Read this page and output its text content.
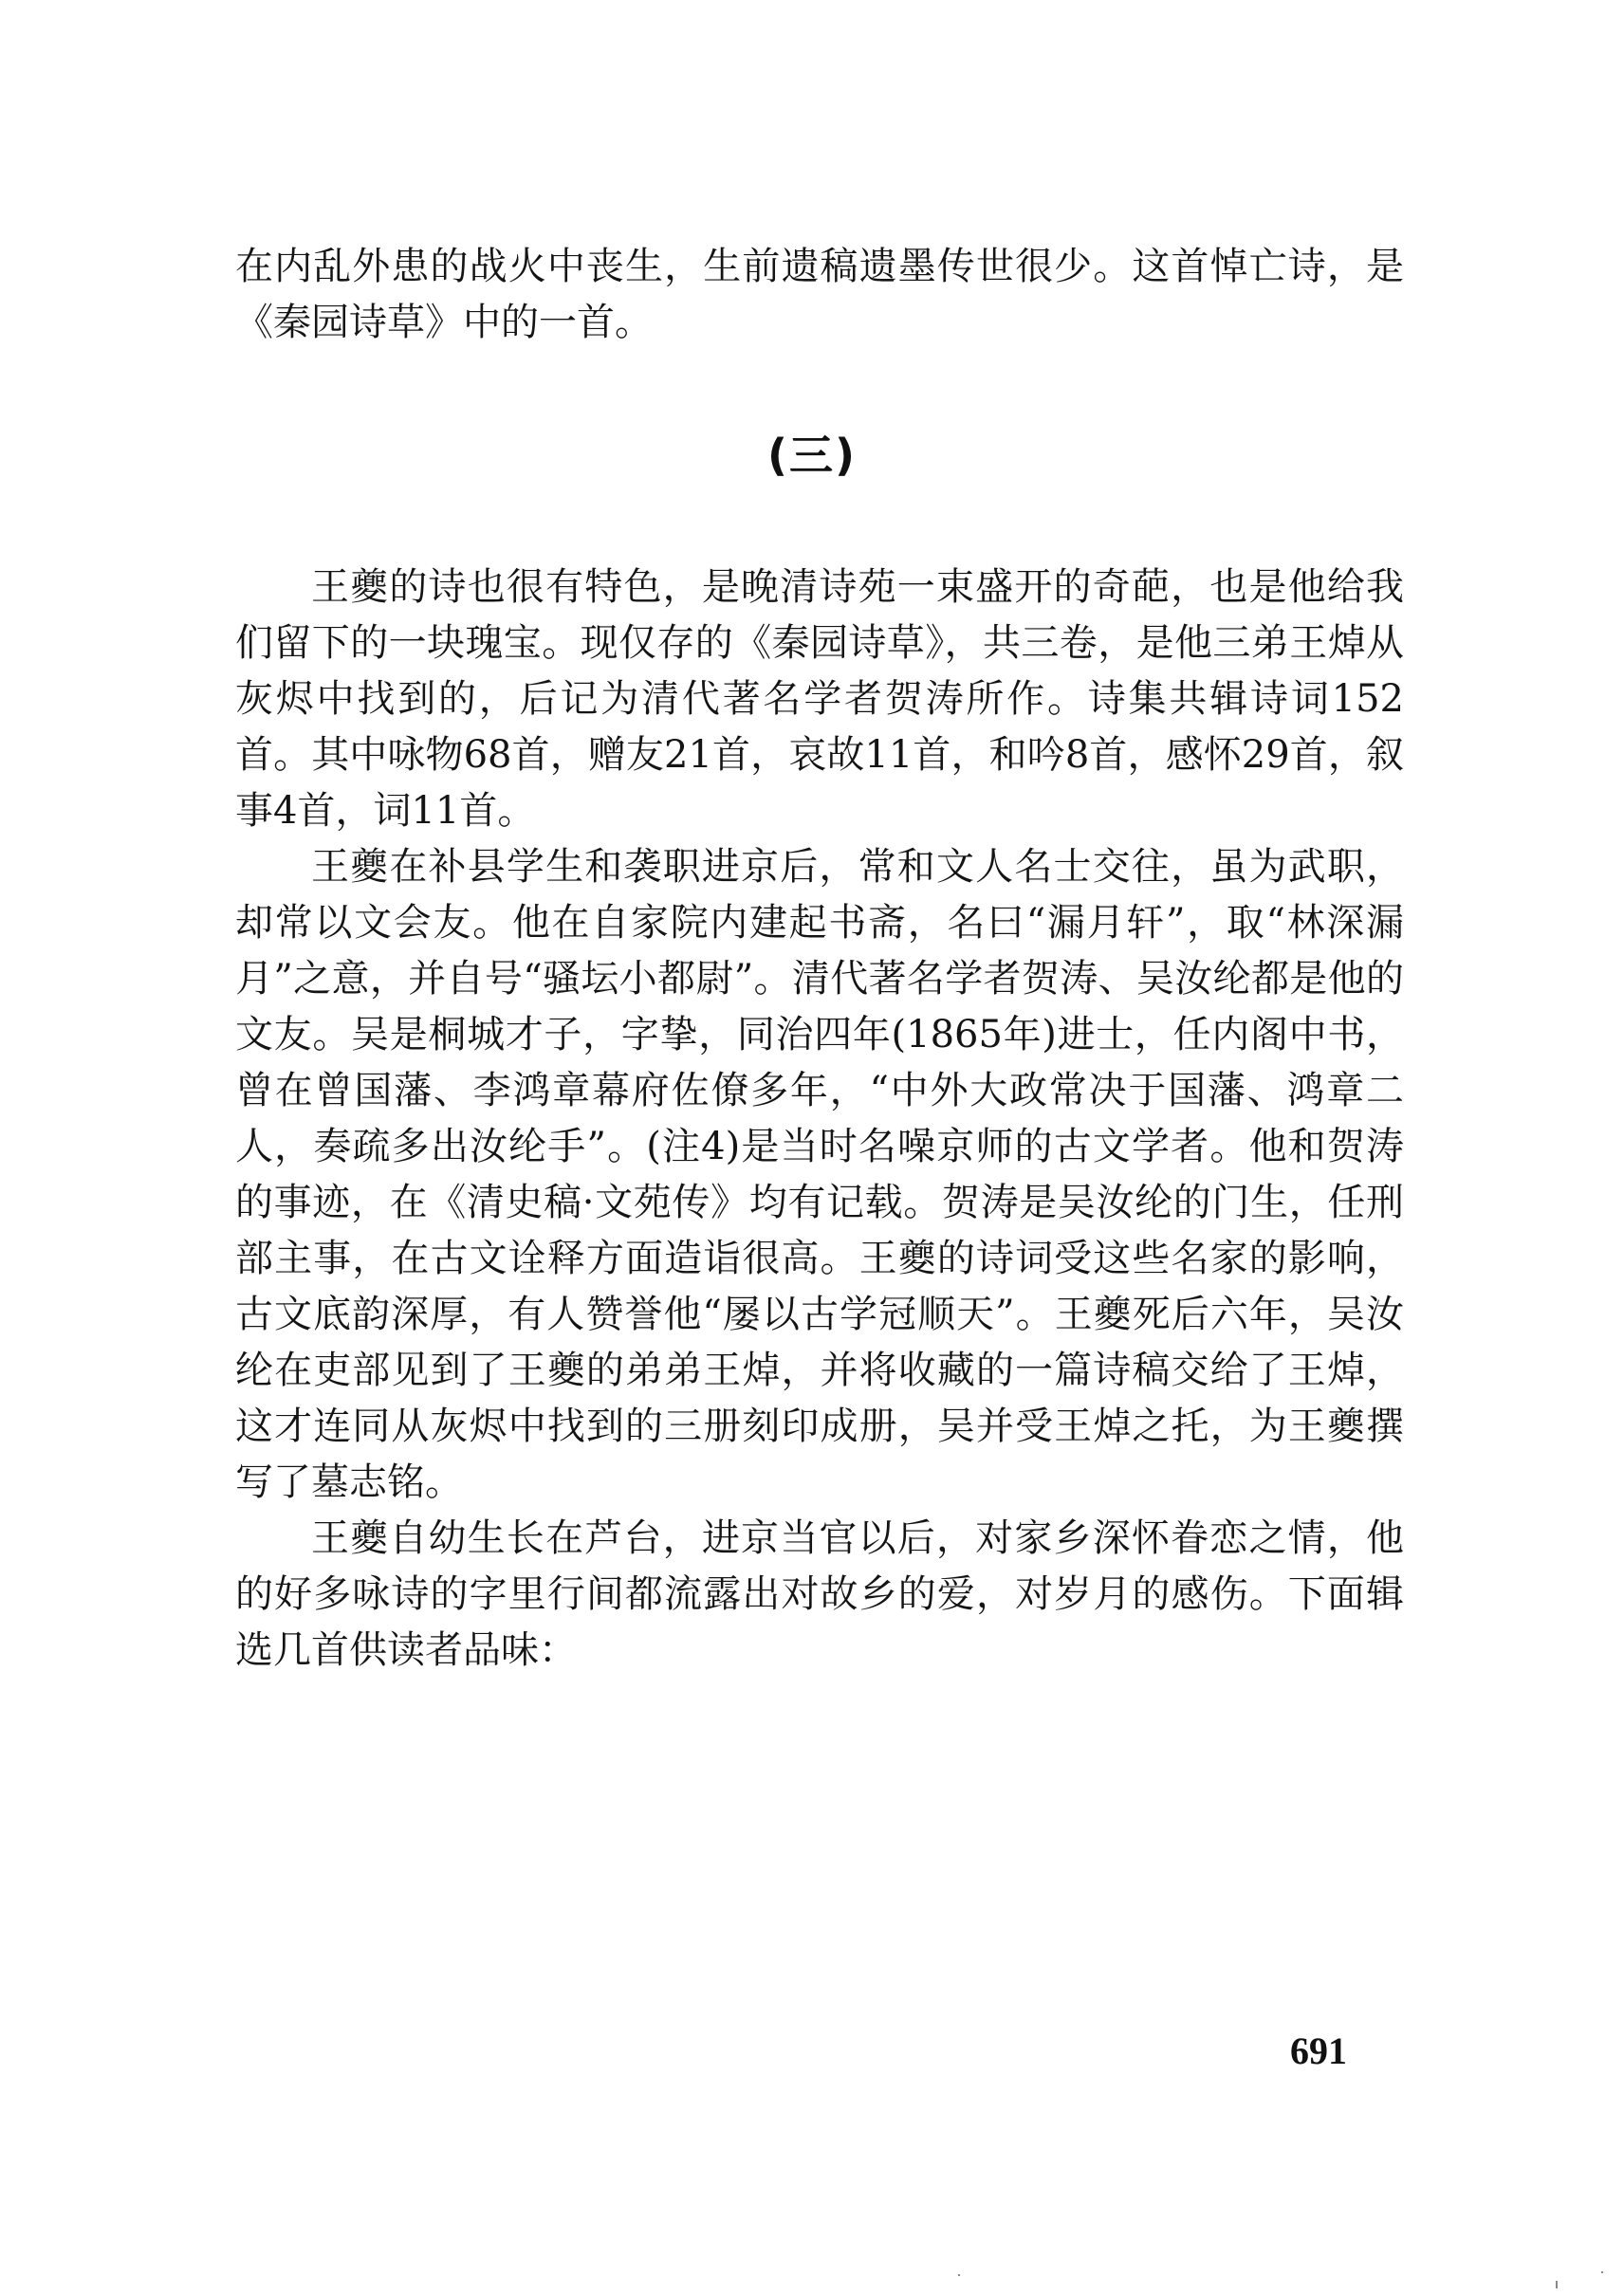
在内乱外患的战火中丧生，生前遗稿遗墨传世很少。这首悼亡诗，是《秦园诗草》中的一首。

(三)

王夔的诗也很有特色，是晚清诗苑一束盛开的奇葩，也是他给我们留下的一块瑰宝。现仅存的《秦园诗草》，共三卷，是他三弟王焯从灰烬中找到的，后记为清代著名学者贺涛所作。诗集共辑诗词152首。其中咏物68首，赠友21首，哀故11首，和吟8首，感怀29首，叙事4首，词11首。

王夔在补县学生和袭职进京后，常和文人名士交往，虽为武职，却常以文会友。他在自家院内建起书斋，名曰“漏月轩”，取“林深漏月”之意，并自号“骚坛小都尉”。清代著名学者贺涛、吴汝纶都是他的文友。吴是桐城才子，字挚，同治四年(1865年)进士，任内阁中书，曾在曾国藩、李鸿章幕府佐僚多年，“中外大政常决于国藩、鸿章二人，奏疏多出汝纶手”。(注4)是当时名噪京师的古文学者。他和贺涛的事迹，在《清史稿·文苑传》均有记载。贺涛是吴汝纶的门生，任刑部主事，在古文诠释方面造诣很高。王夔的诗词受这些名家的影响，古文底韵深厚，有人赞誉他“屡以古学冠顺天”。王夔死后六年，吴汝纶在吏部见到了王夔的弟弟王焯，并将收藏的一篇诗稿交给了王焯，这才连同从灰烬中找到的三册刻印成册，吴并受王焯之托，为王夔撰写了墓志铭。

王夔自幼生长在芦台，进京当官以后，对家乡深怀眷恋之情，他的好多咏诗的字里行间都流露出对故乡的爱，对岁月的感伤。下面辑选几首供读者品味：

691
